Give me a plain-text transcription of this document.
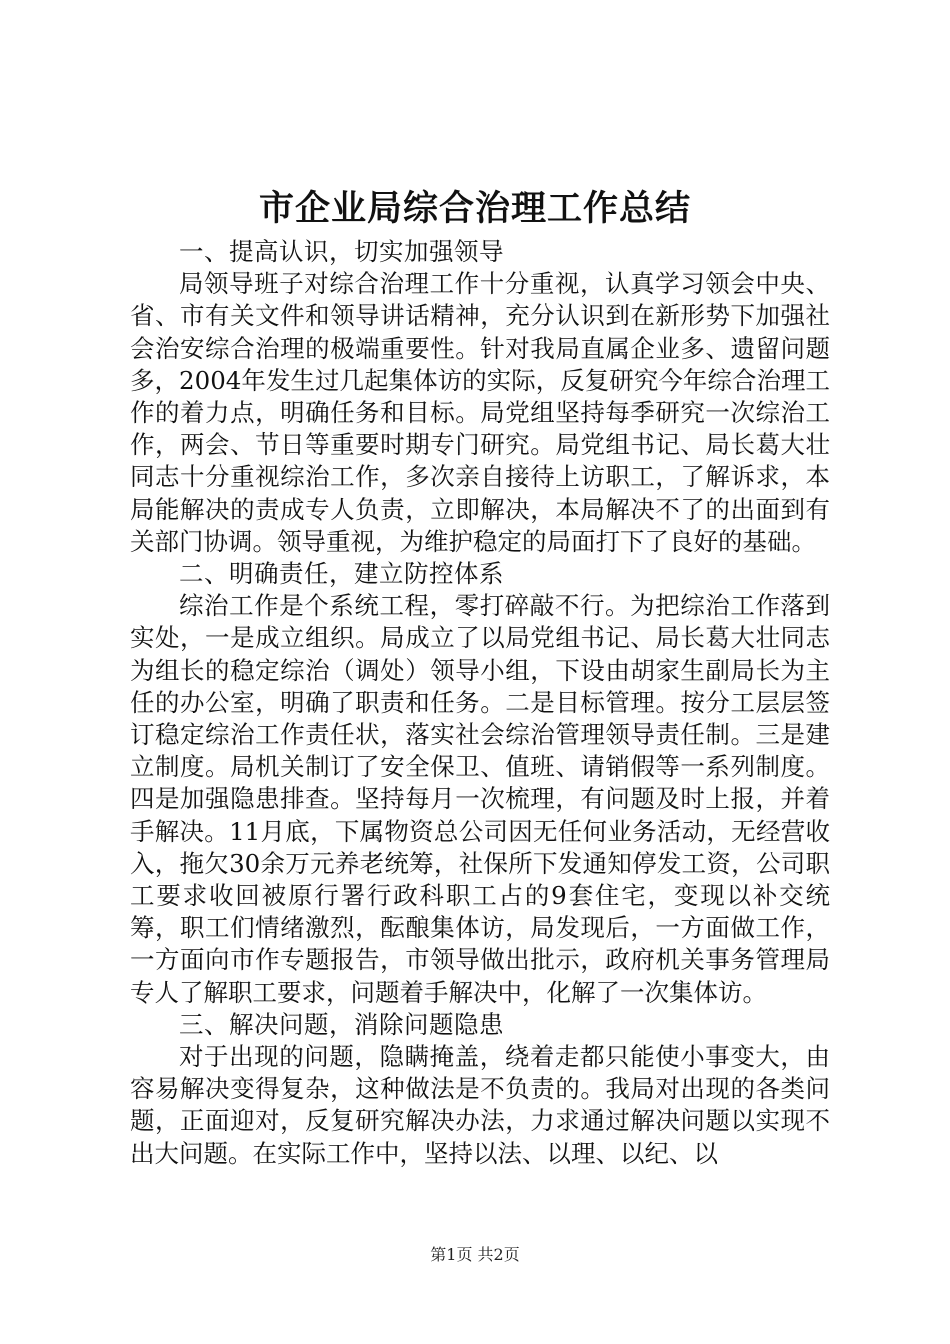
市企业局综合治理工作总结

一、提高认识，切实加强领导

局领导班子对综合治理工作十分重视，认真学习领会中央、省、市有关文件和领导讲话精神，充分认识到在新形势下加强社会治安综合治理的极端重要性。针对我局直属企业多、遗留问题多，2004年发生过几起集体访的实际，反复研究今年综合治理工作的着力点，明确任务和目标。局党组坚持每季研究一次综治工作，两会、节日等重要时期专门研究。局党组书记、局长葛大壮同志十分重视综治工作，多次亲自接待上访职工，了解诉求，本局能解决的责成专人负责，立即解决，本局解决不了的出面到有关部门协调。领导重视，为维护稳定的局面打下了良好的基础。

二、明确责任，建立防控体系

综治工作是个系统工程，零打碎敲不行。为把综治工作落到实处，一是成立组织。局成立了以局党组书记、局长葛大壮同志为组长的稳定综治（调处）领导小组，下设由胡家生副局长为主任的办公室，明确了职责和任务。二是目标管理。按分工层层签订稳定综治工作责任状，落实社会综治管理领导责任制。三是建立制度。局机关制订了安全保卫、值班、请销假等一系列制度。四是加强隐患排查。坚持每月一次梳理，有问题及时上报，并着手解决。11月底，下属物资总公司因无任何业务活动，无经营收入，拖欠30余万元养老统筹，社保所下发通知停发工资，公司职工要求收回被原行署行政科职工占的9套住宅，变现以补交统筹，职工们情绪激烈，酝酿集体访，局发现后，一方面做工作，一方面向市作专题报告，市领导做出批示，政府机关事务管理局专人了解职工要求，问题着手解决中，化解了一次集体访。

三、解决问题，消除问题隐患

对于出现的问题，隐瞒掩盖，绕着走都只能使小事变大，由容易解决变得复杂，这种做法是不负责的。我局对出现的各类问题，正面迎对，反复研究解决办法，力求通过解决问题以实现不出大问题。在实际工作中，坚持以法、以理、以纪、以

第1页 共2页
